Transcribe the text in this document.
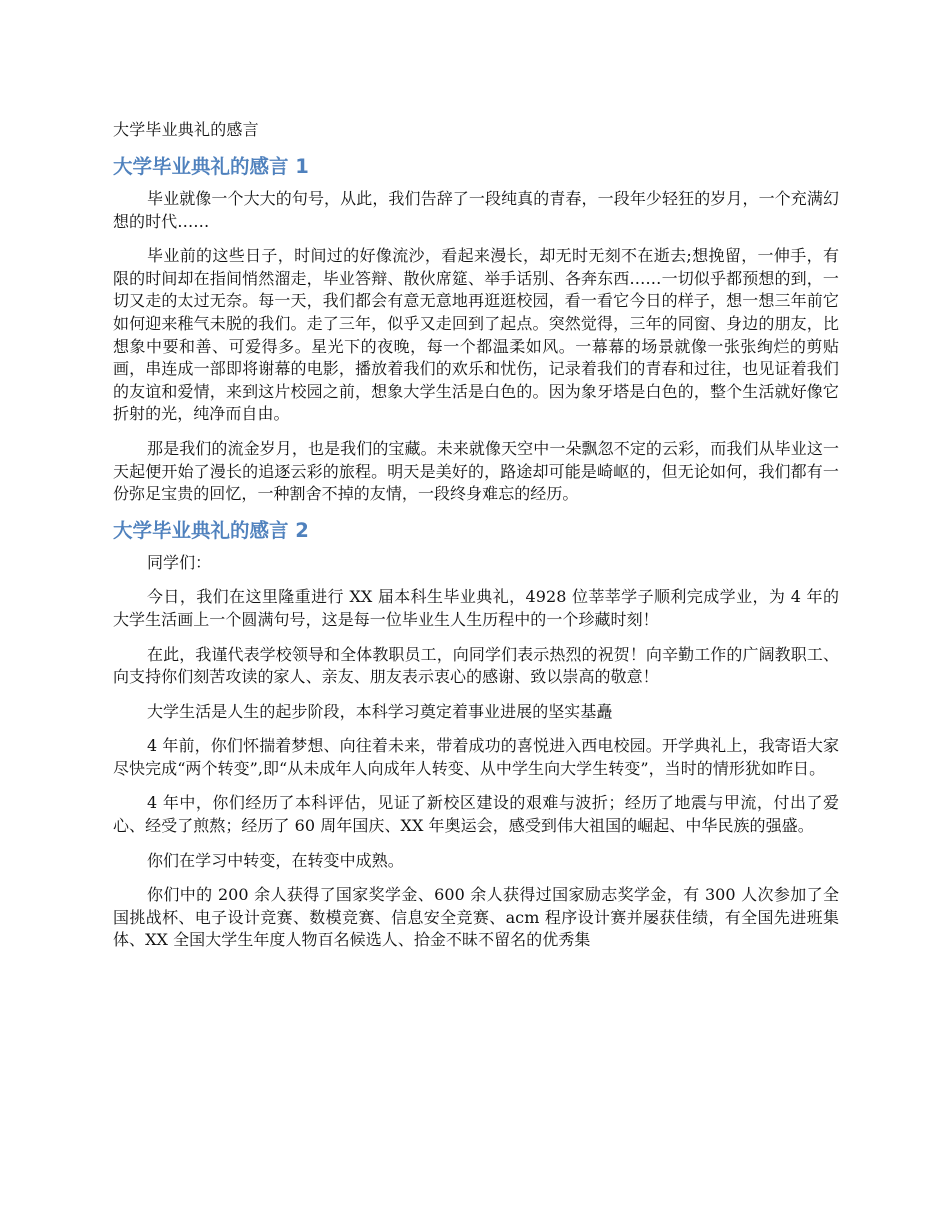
大学毕业典礼的感言
大学毕业典礼的感言 1

毕业就像一个大大的句号，从此，我们告辞了一段纯真的青春，一段年少轻狂的岁月，一个充满幻想的时代……

毕业前的这些日子，时间过的好像流沙，看起来漫长，却无时无刻不在逝去;想挽留，一伸手，有限的时间却在指间悄然溜走，毕业答辩、散伙席筵、举手话别、各奔东西……一切似乎都预想的到，一切又走的太过无奈。每一天，我们都会有意无意地再逛逛校园，看一看它今日的样子，想一想三年前它如何迎来稚气未脱的我们。走了三年，似乎又走回到了起点。突然觉得，三年的同窗、身边的朋友，比想象中要和善、可爱得多。星光下的夜晚，每一个都温柔如风。一幕幕的场景就像一张张绚烂的剪贴画，串连成一部即将谢幕的电影，播放着我们的欢乐和忧伤，记录着我们的青春和过往，也见证着我们的友谊和爱情，来到这片校园之前，想象大学生活是白色的。因为象牙塔是白色的，整个生活就好像它折射的光，纯净而自由。

那是我们的流金岁月，也是我们的宝藏。未来就像天空中一朵飘忽不定的云彩，而我们从毕业这一天起便开始了漫长的追逐云彩的旅程。明天是美好的，路途却可能是崎岖的，但无论如何，我们都有一份弥足宝贵的回忆，一种割舍不掉的友情，一段终身难忘的经历。

大学毕业典礼的感言 2

同学们：

今日，我们在这里隆重进行 XX 届本科生毕业典礼，4928 位莘莘学子顺利完成学业，为 4 年的大学生活画上一个圆满句号，这是每一位毕业生人生历程中的一个珍藏时刻！

在此，我谨代表学校领导和全体教职员工，向同学们表示热烈的祝贺！向辛勤工作的广阔教职工、向支持你们刻苦攻读的家人、亲友、朋友表示衷心的感谢、致以崇高的敬意！

大学生活是人生的起步阶段，本科学习奠定着事业进展的坚实基矗

4 年前，你们怀揣着梦想、向往着未来，带着成功的喜悦进入西电校园。开学典礼上，我寄语大家尽快完成“两个转变”,即“从未成年人向成年人转变、从中学生向大学生转变”，当时的情形犹如昨日。

4 年中，你们经历了本科评估，见证了新校区建设的艰难与波折；经历了地震与甲流，付出了爱心、经受了煎熬；经历了 60 周年国庆、XX 年奥运会，感受到伟大祖国的崛起、中华民族的强盛。

你们在学习中转变，在转变中成熟。

你们中的 200 余人获得了国家奖学金、600 余人获得过国家励志奖学金，有 300 人次参加了全国挑战杯、电子设计竞赛、数模竞赛、信息安全竞赛、acm 程序设计赛并屡获佳绩，有全国先进班集体、XX 全国大学生年度人物百名候选人、拾金不昧不留名的优秀集
